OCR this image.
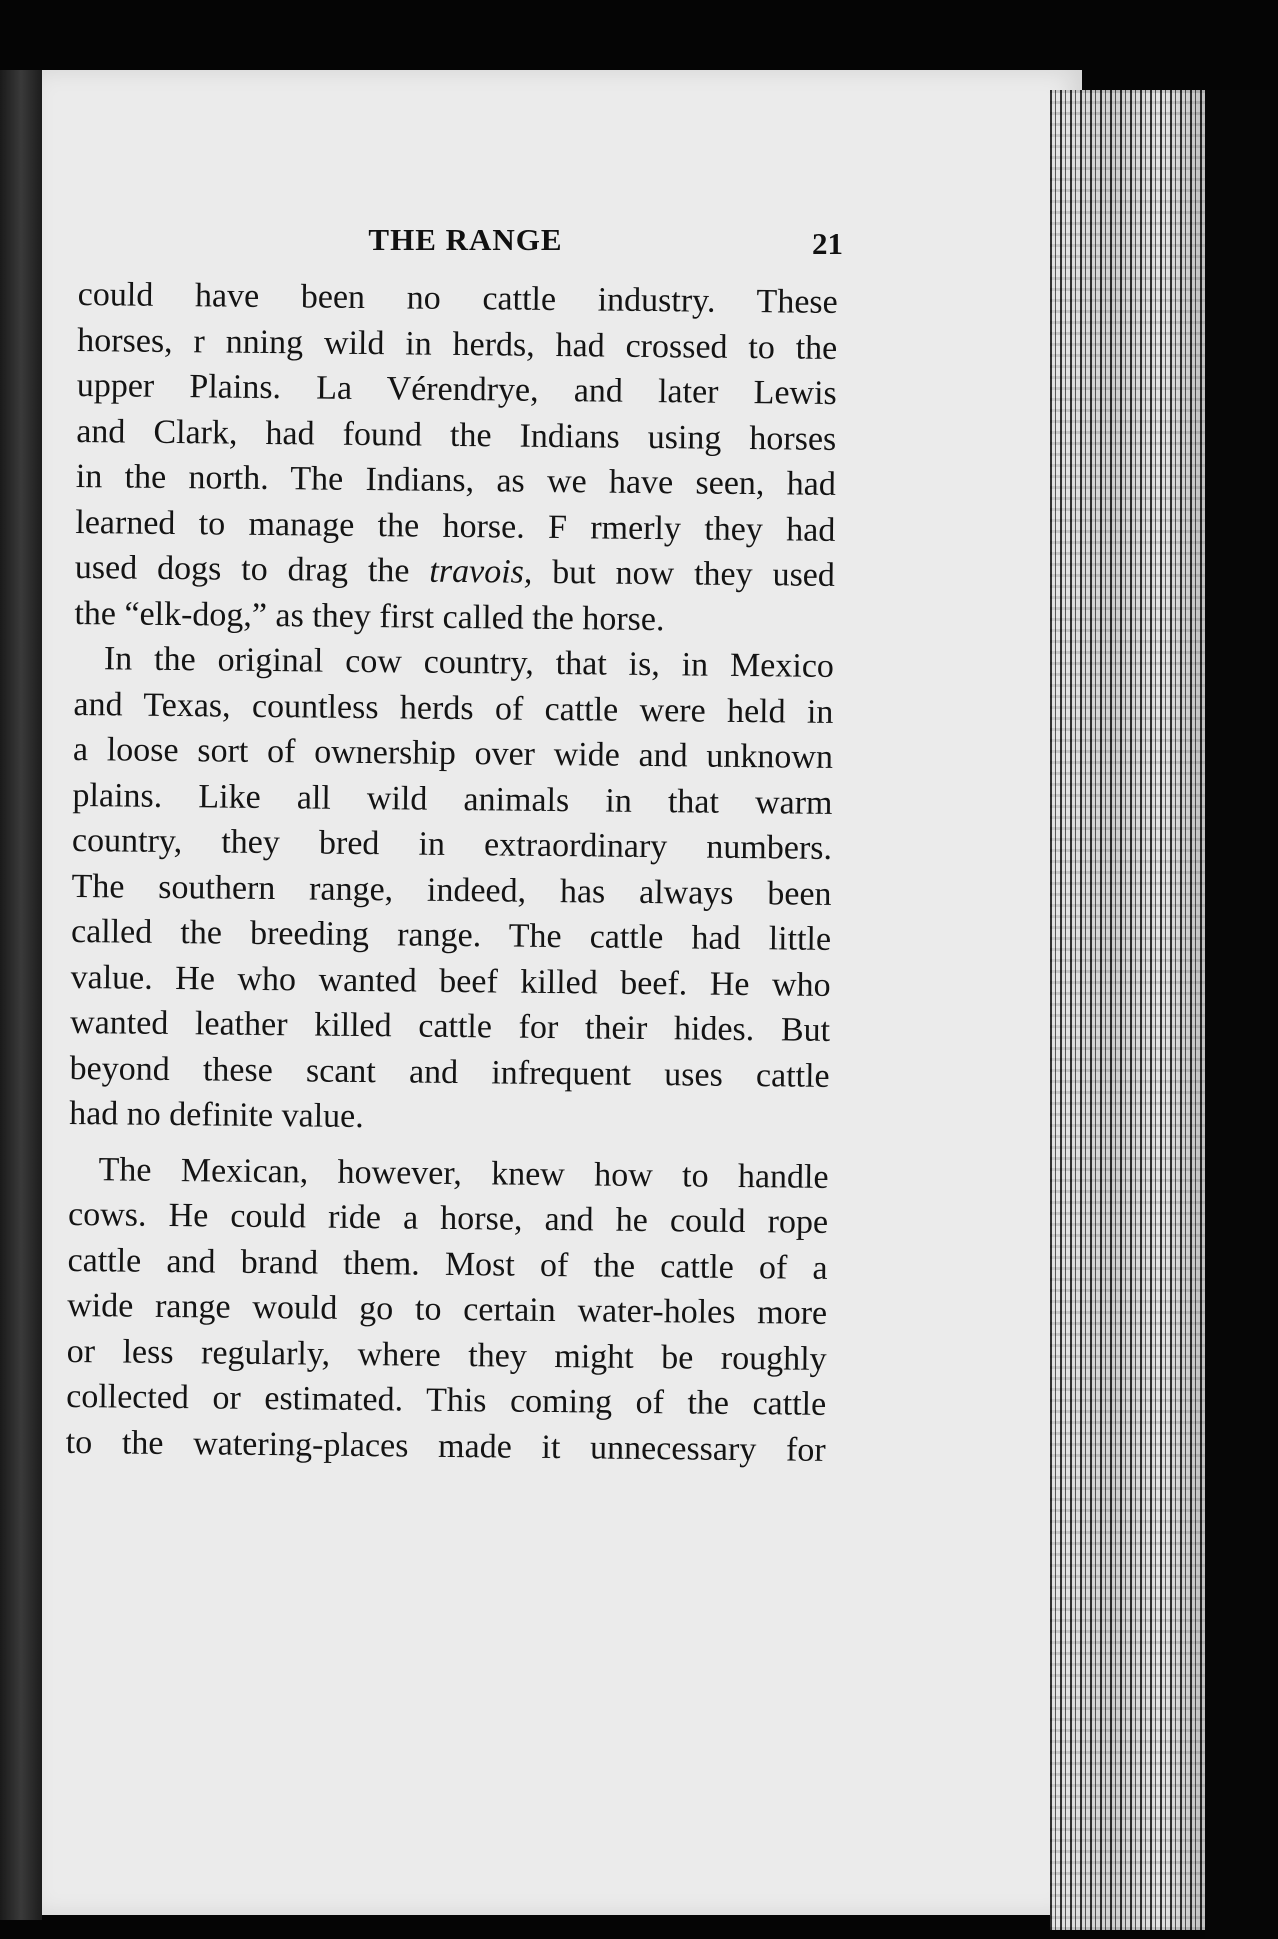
THE RANGE	21
could have been no cattle industry. These
horses, r nning wild in herds, had crossed to the
upper Plains. La Vérendrye, and later Lewis
and Clark, had found the Indians using horses
in the north. The Indians, as we have seen, had
learned to manage the horse. F rmerly they had
used dogs to drag the travois, but now they used
the “elk-dog,” as they first called the horse.
In the original cow country, that is, in Mexico
and Texas, countless herds of cattle were held in
a loose sort of ownership over wide and unknown
plains. Like all wild animals in that warm
country, they bred in extraordinary numbers.
The southern range, indeed, has always been
called the breeding range. The cattle had little
value. He who wanted beef killed beef. He who
wanted leather killed cattle for their hides. But
beyond these scant and infrequent uses cattle
had no definite value.
The Mexican, however, knew how to handle
cows. He could ride a horse, and he could rope
cattle and brand them. Most of the cattle of a
wide range would go to certain water-holes more
or less regularly, where they might be roughly
collected or estimated. This coming of the cattle
to the watering-places made it unnecessary for
